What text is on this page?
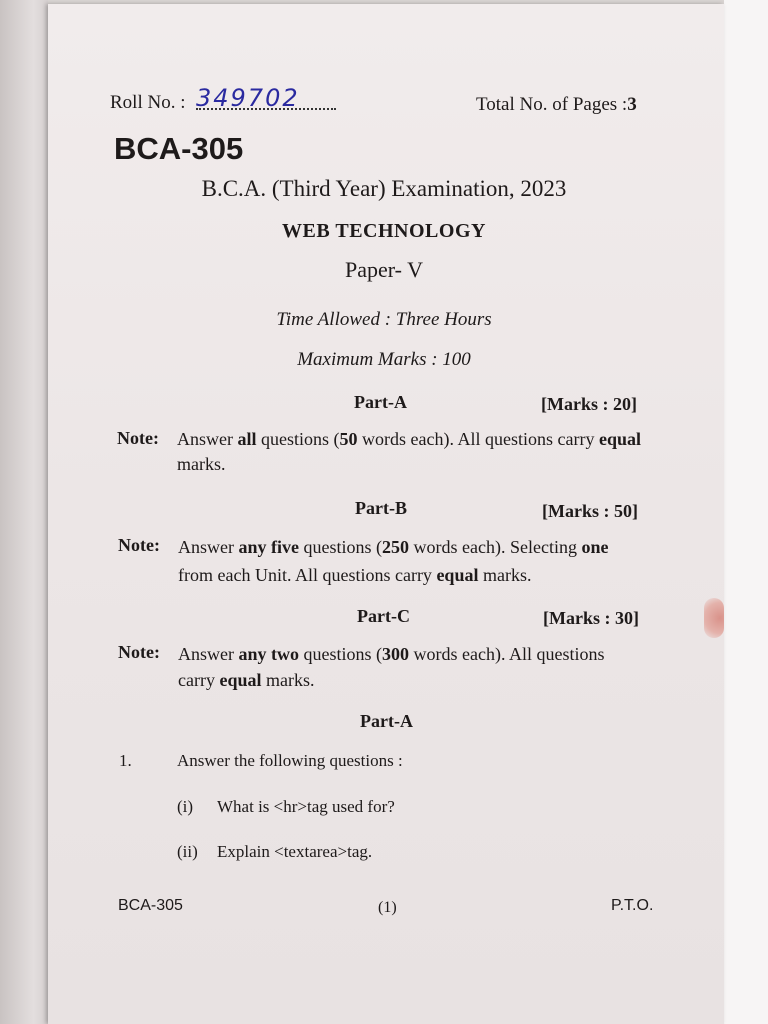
Roll No. : 349702	Total No. of Pages :3
BCA-305
B.C.A. (Third Year) Examination, 2023
WEB TECHNOLOGY
Paper- V
Time Allowed : Three Hours
Maximum Marks : 100
Part-A	[Marks : 20]
Note: Answer all questions (50 words each). All questions carry equal
marks.
Part-B	[Marks : 50]
Note: Answer any five questions (250 words each). Selecting one
from each Unit. All questions carry equal marks.
Part-C	[Marks : 30]
Note: Answer any two questions (300 words each). All questions
carry equal marks.
Part-A
1.	Answer the following questions :
(i) What is <hr>tag used for?
(ii) Explain <textarea>tag.
BCA-305	(1)	P.T.O.
